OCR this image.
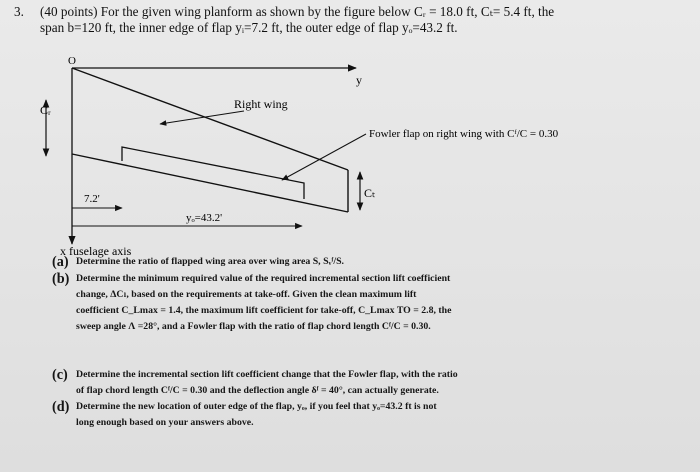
3. (40 points) For the given wing planform as shown by the figure below Cᵣ = 18.0 ft, Cₜ= 5.4 ft, the
span b=120 ft, the inner edge of flap yᵢ=7.2 ft, the outer edge of flap yₒ=43.2 ft.
O
y
Cᵣ	Right wing
Fowler flap on right wing with Cᶠ/C = 0.30
Cₜ
7.2'
yₒ=43.2'
x fuselage axis
(a) Determine the ratio of flapped wing area over wing area S, Sᵥᶠ/S.
(b) Determine the minimum required value of the required incremental section lift coefficient
change, ΔCₗ, based on the requirements at take-off. Given the clean maximum lift
coefficient C_Lmax = 1.4, the maximum lift coefficient for take-off, C_Lmax TO = 2.8, the
sweep angle Λ =28°, and a Fowler flap with the ratio of flap chord length Cᶠ/C = 0.30.
(c) Determine the incremental section lift coefficient change that the Fowler flap, with the ratio
of flap chord length Cᶠ/C = 0.30 and the deflection angle δᶠ = 40°, can actually generate.
(d) Determine the new location of outer edge of the flap, yₒ, if you feel that yₒ=43.2 ft is not
long enough based on your answers above.
